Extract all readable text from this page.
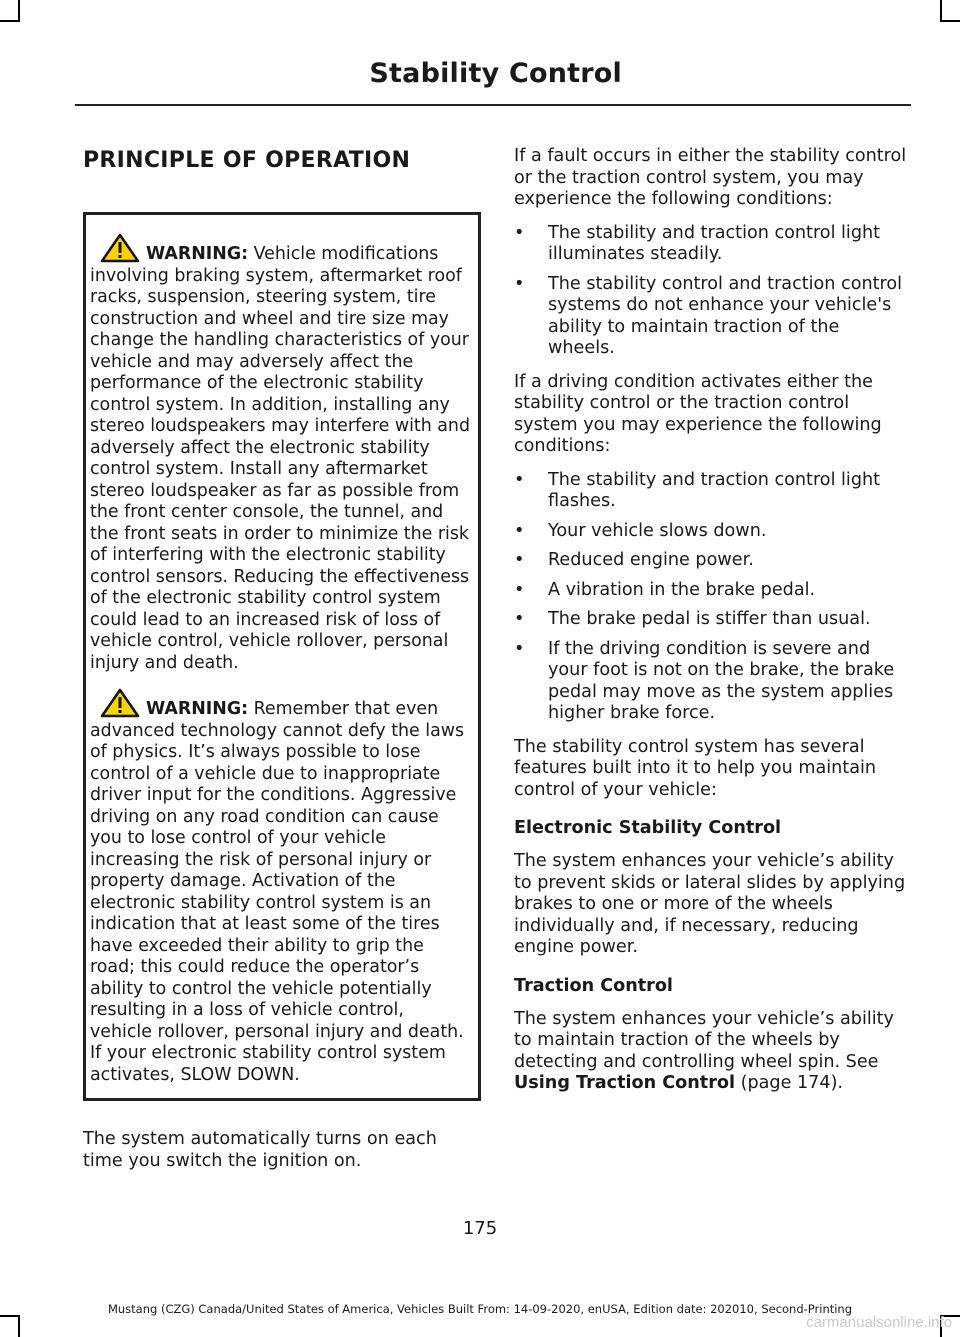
Stability Control
PRINCIPLE OF OPERATION

WARNING: Vehicle modifications involving braking system, aftermarket roof racks, suspension, steering system, tire construction and wheel and tire size may change the handling characteristics of your vehicle and may adversely affect the performance of the electronic stability control system. In addition, installing any stereo loudspeakers may interfere with and adversely affect the electronic stability control system. Install any aftermarket stereo loudspeaker as far as possible from the front center console, the tunnel, and the front seats in order to minimize the risk of interfering with the electronic stability control sensors. Reducing the effectiveness of the electronic stability control system could lead to an increased risk of loss of vehicle control, vehicle rollover, personal injury and death.

WARNING: Remember that even advanced technology cannot defy the laws of physics. It’s always possible to lose control of a vehicle due to inappropriate driver input for the conditions. Aggressive driving on any road condition can cause you to lose control of your vehicle increasing the risk of personal injury or property damage. Activation of the electronic stability control system is an indication that at least some of the tires have exceeded their ability to grip the road; this could reduce the operator’s ability to control the vehicle potentially resulting in a loss of vehicle control, vehicle rollover, personal injury and death. If your electronic stability control system activates, SLOW DOWN.

The system automatically turns on each time you switch the ignition on.

If a fault occurs in either the stability control or the traction control system, you may experience the following conditions:

• The stability and traction control light illuminates steadily.
• The stability control and traction control systems do not enhance your vehicle's ability to maintain traction of the wheels.

If a driving condition activates either the stability control or the traction control system you may experience the following conditions:

• The stability and traction control light flashes.
• Your vehicle slows down.
• Reduced engine power.
• A vibration in the brake pedal.
• The brake pedal is stiffer than usual.
• If the driving condition is severe and your foot is not on the brake, the brake pedal may move as the system applies higher brake force.

The stability control system has several features built into it to help you maintain control of your vehicle:

Electronic Stability Control

The system enhances your vehicle’s ability to prevent skids or lateral slides by applying brakes to one or more of the wheels individually and, if necessary, reducing engine power.

Traction Control

The system enhances your vehicle’s ability to maintain traction of the wheels by detecting and controlling wheel spin. See Using Traction Control (page 174).

175
Mustang (CZG) Canada/United States of America, Vehicles Built From: 14-09-2020, enUSA, Edition date: 202010, Second-Printing
carmanualsonline.info
